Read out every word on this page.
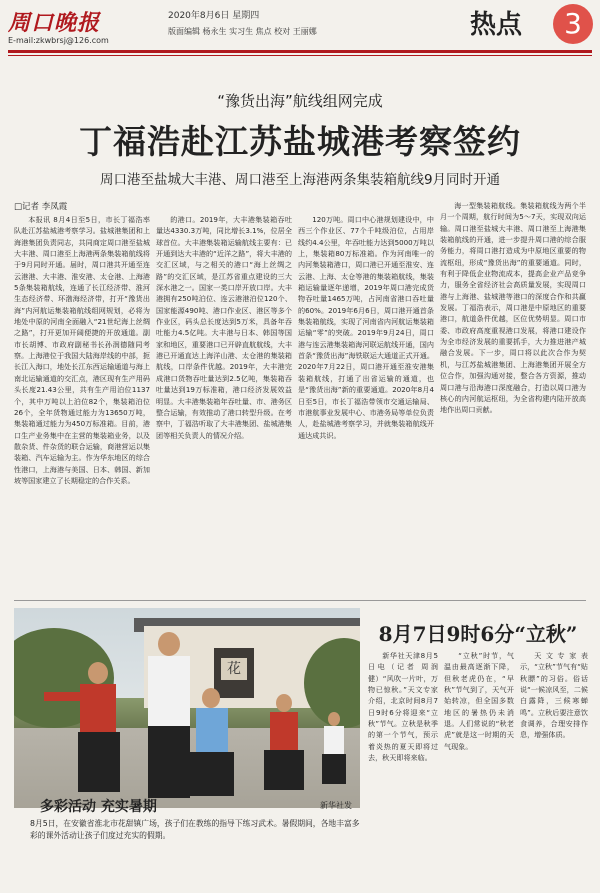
周口晚报
E-mail:zkwbrsj@126.com
2020年8月6日 星期四
版面编辑 杨永生 实习生 焦点 校对 王丽娜	热点	3
“豫货出海”航线组网完成
丁福浩赴江苏盐城港考察签约
周口港至盐城大丰港、周口港至上海港两条集装箱航线9月同时开通
□记者 李凤霞

本报讯 8月4日至5日，市长丁福浩率队赴江苏盐城港考察学习。盐城港集团和上海港集团负责同志，共同商定周口港至盐城大丰港、周口港至上海港两条集装箱航线将于9月同时开通。届时，周口港共开通至连云港港、大丰港、淮安港、太仓港、上海港5条集装箱航线，连通了长江经济带、淮河生态经济带、环渤海经济带，打开“豫货出海”内河航运集装箱航线组网规划，必将为地处中原的河南全面融入“21世纪海上丝绸之路”，打开更加开阔便捷的开放通道。副市长胡博、市政府副秘书长孙润德随同考察。上海港位于我国大陆海岸线的中部，扼长江入海口，地处长江东西运输通道与海上南北运输通道的交汇点，港区现有生产用码头长度21.43公里，共有生产用泊位1137个，其中万吨以上泊位82个，集装箱泊位26个，全年货物通过能力为13650万吨，集装箱通过能力为450万标准箱。目前，港口生产业务集中在主营的集装箱业务，以及散杂货、件杂货的联合运输，商港营运以集装箱、汽车运输为主。作为华东地区的综合性港口，上海港与美国、日本、韩国、新加坡等国家建立了长期稳定的合作关系。

的港口。2019年，大丰港集装箱吞吐量达4330.3万吨，同比增长3.1%，位居全球首位。大丰港集装箱运输航线主要有：已开通到达大丰港的“近洋之路”，将大丰港的交汇区域，与之相关的港口“海上丝绸之路”的交汇区域，是江苏省重点建设的三大深水港之一。国家一类口岸开放口岸。大丰港拥有250吨泊位、连云港港泊位120个、国家能源490吨、港口作业区、港区等多个作业区，码头总长度达到5万米，具备年吞吐能力4.5亿吨。大丰港与日本、韩国等国家和地区，重要港口已开辟直航航线，大丰港已开通直达上海洋山港、太仓港的集装箱航线，口岸条件优越。2019年，大丰港完成港口货物吞吐量达到2.5亿吨，集装箱吞吐量达到19万标准箱，港口经济发展效益明显。大丰港集装箱年吞吐量、市、港务区整合运输，有效推动了港口转型升级。在考察中，丁福浩听取了大丰港集团、盐城港集团等相关负责人的情况介绍。

120万吨。周口中心港规划建设中，中西三个作业区、77个千吨级泊位，占用岸线约4.4公里，年吞吐能力达到5000万吨以上，集装箱80万标准箱。作为河南唯一的内河集装箱港口，周口港已开通至淮安、连云港、上海、太仓等港的集装箱航线，集装箱运输量逐年递增，2019年周口港完成货物吞吐量1465万吨，占河南省港口吞吐量的60%。2019年6月6日，周口港开通首条集装箱航线，实现了河南省内河航运集装箱运输“零”的突破。2019年9月24日，周口港与连云港集装箱海河联运航线开通，国内首条“豫货出海”海铁联运大通道正式开通。2020年7月22日，周口港开通至淮安港集装箱航线，打通了出省运输的通道，也是“豫货出海”新的重要通道。2020年8月4日至5日，市长丁福浩带领市交通运输局、市港航事业发展中心、市港务局等单位负责人，赴盐城港考察学习，并就集装箱航线开通达成共识。

海一型集装箱航线。集装箱航线为两个半月一个周期，航行时间为5～7天，实现双向运输。周口港至盐城大丰港、周口港至上海港集装箱航线的开通，进一步提升周口港的综合服务能力，将周口港打造成为中原地区重要的物流枢纽，形成“豫货出海”的重要通道。同时，有利于降低企业物流成本，提高企业产品竞争力，服务全省经济社会高质量发展，实现周口港与上海港、盐城港等港口的深度合作和共赢发展。丁福浩表示，周口港是中原地区的重要港口，航道条件优越，区位优势明显。周口市委、市政府高度重视港口发展，将港口建设作为全市经济发展的重要抓手，大力推进港产城融合发展。下一步，周口将以此次合作为契机，与江苏盐城港集团、上海港集团开展全方位合作，加强沟通对接，整合各方资源，推动周口港与沿海港口深度融合，打造以周口港为核心的内河航运枢纽，为全省构建内陆开放高地作出周口贡献。

花
多彩活动 充实暑期	新华社发
8月5日，在安徽省淮北市花甜镇广场，孩子们在教练的指导下练习武术。暑假期间，各地丰富多彩的课外活动让孩子们度过充实的假期。
8月7日9时6分“立秋”

新华社天津8月5日电（记者 周润健）“风吹一片叶，万物已惊秋。”天文专家介绍，北京时间8月7日9时6分将迎来“立秋”节气。立秋是秋季的第一个节气，预示着炎热的夏天即将过去，秋天即将来临。

“立秋”时节，气温由最高逐渐下降，但秋老虎仍在，“早秋”节气到了，天气开始转凉，但全国多数地区的暑热仍未消退。人们常说的“秋老虎”就是这一时期的天气现象。

天文专家表示，“立秋”节气有“贴秋膘”的习俗。俗话说“一候凉风至，二候白露降，三候寒蝉鸣”。立秋后要注意饮食调养，合理安排作息，增强体质。
